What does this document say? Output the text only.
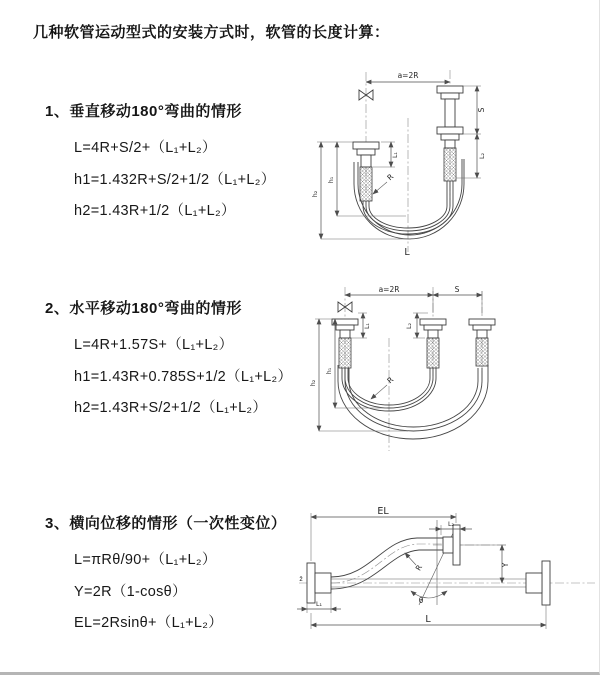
几种软管运动型式的安装方式时，软管的长度计算：
1、垂直移动180°弯曲的情形
L=4R+S/2+（L₁+L₂）
h1=1.432R+S/2+1/2（L₁+L₂）
h2=1.43R+1/2（L₁+L₂）
2、水平移动180°弯曲的情形
L=4R+1.57S+（L₁+L₂）
h1=1.43R+0.785S+1/2（L₁+L₂）
h2=1.43R+S/2+1/2（L₁+L₂）
3、横向位移的情形（一次性变位）
L=πRθ/90+（L₁+L₂）
Y=2R（1-cosθ）
EL=2Rsinθ+（L₁+L₂）
a=2R
L₁
S
L₂
h₁
h₂
R
L
a=2R	S
L₁	L₂
h₁
h₂	R
z̄
θ
EL
L₂
Y
R
L₁
L
